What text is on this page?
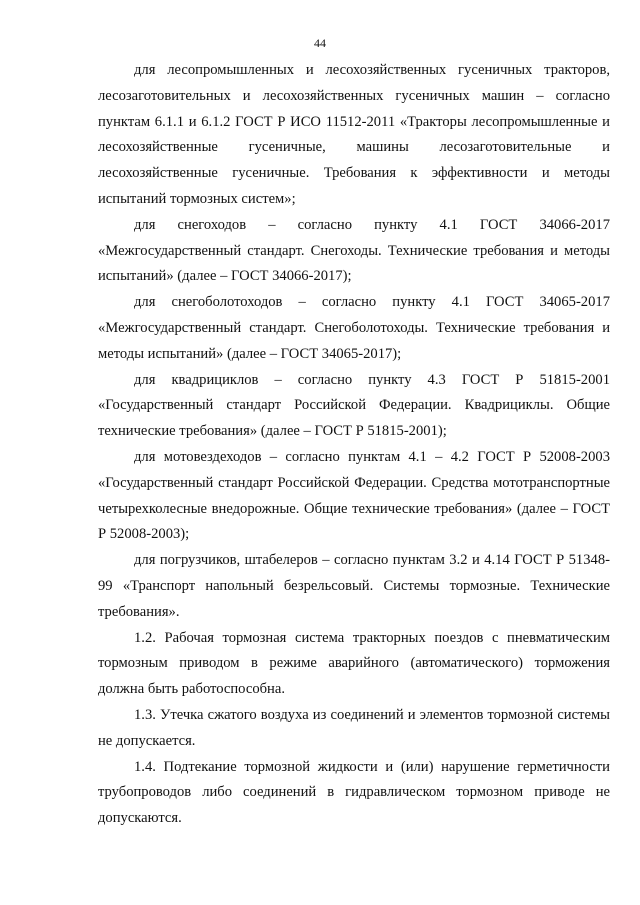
44

для лесопромышленных и лесохозяйственных гусеничных тракторов, лесозаготовительных и лесохозяйственных гусеничных машин – согласно пунктам 6.1.1 и 6.1.2 ГОСТ Р ИСО 11512-2011 «Тракторы лесопромышленные и лесохозяйственные гусеничные, машины лесозаготовительные и лесохозяйственные гусеничные. Требования к эффективности и методы испытаний тормозных систем»;

для снегоходов – согласно пункту 4.1 ГОСТ 34066-2017 «Межгосударственный стандарт. Снегоходы. Технические требования и методы испытаний» (далее – ГОСТ 34066-2017);

для снегоболотоходов – согласно пункту 4.1 ГОСТ 34065-2017 «Межгосударственный стандарт. Снегоболотоходы. Технические требования и методы испытаний» (далее – ГОСТ 34065-2017);

для квадрициклов – согласно пункту 4.3 ГОСТ Р 51815-2001 «Государственный стандарт Российской Федерации. Квадрициклы. Общие технические требования» (далее – ГОСТ Р 51815-2001);

для мотовездеходов – согласно пунктам 4.1 – 4.2 ГОСТ Р 52008-2003 «Государственный стандарт Российской Федерации. Средства мототранспортные четырехколесные внедорожные. Общие технические требования» (далее – ГОСТ Р 52008-2003);

для погрузчиков, штабелеров – согласно пунктам 3.2 и 4.14 ГОСТ Р 51348-99 «Транспорт напольный безрельсовый. Системы тормозные. Технические требования».

1.2. Рабочая тормозная система тракторных поездов с пневматическим тормозным приводом в режиме аварийного (автоматического) торможения должна быть работоспособна.

1.3. Утечка сжатого воздуха из соединений и элементов тормозной системы не допускается.

1.4. Подтекание тормозной жидкости и (или) нарушение герметичности трубопроводов либо соединений в гидравлическом тормозном приводе не допускаются.
